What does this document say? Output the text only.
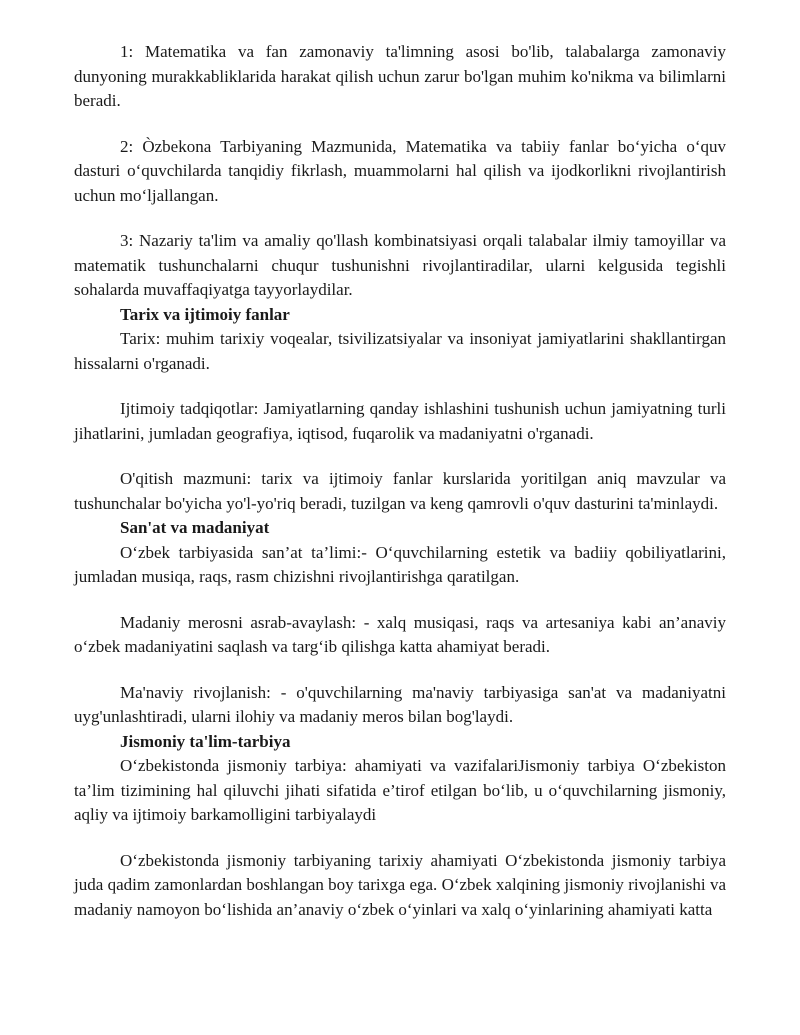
1: Matematika va fan zamonaviy ta'limning asosi bo'lib, talabalarga zamonaviy dunyoning murakkabliklarida harakat qilish uchun zarur bo'lgan muhim ko'nikma va bilimlarni beradi.

2: Òzbekona Tarbiyaning Mazmunida, Matematika va tabiiy fanlar bo‘yicha o‘quv dasturi o‘quvchilarda tanqidiy fikrlash, muammolarni hal qilish va ijodkorlikni rivojlantirish uchun mo‘ljallangan.

3: Nazariy ta'lim va amaliy qo'llash kombinatsiyasi orqali talabalar ilmiy tamoyillar va matematik tushunchalarni chuqur tushunishni rivojlantiradilar, ularni kelgusida tegishli sohalarda muvaffaqiyatga tayyorlaydilar.

Tarix va ijtimoiy fanlar

Tarix: muhim tarixiy voqealar, tsivilizatsiyalar va insoniyat jamiyatlarini shakllantirgan hissalarni o'rganadi.

Ijtimoiy tadqiqotlar: Jamiyatlarning qanday ishlashini tushunish uchun jamiyatning turli jihatlarini, jumladan geografiya, iqtisod, fuqarolik va madaniyatni o'rganadi.

O'qitish mazmuni: tarix va ijtimoiy fanlar kurslarida yoritilgan aniq mavzular va tushunchalar bo'yicha yo'l-yo'riq beradi, tuzilgan va keng qamrovli o'quv dasturini ta'minlaydi.

San'at va madaniyat

O‘zbek tarbiyasida san’at ta’limi:- O‘quvchilarning estetik va badiiy qobiliyatlarini, jumladan musiqa, raqs, rasm chizishni rivojlantirishga qaratilgan.

Madaniy merosni asrab-avaylash: - xalq musiqasi, raqs va artesaniya kabi an’anaviy o‘zbek madaniyatini saqlash va targ‘ib qilishga katta ahamiyat beradi.

Ma'naviy rivojlanish: - o'quvchilarning ma'naviy tarbiyasiga san'at va madaniyatni uyg'unlashtiradi, ularni ilohiy va madaniy meros bilan bog'laydi.

Jismoniy ta'lim-tarbiya

O‘zbekistonda jismoniy tarbiya: ahamiyati va vazifalariJismoniy tarbiya O‘zbekiston ta’lim tizimining hal qiluvchi jihati sifatida e’tirof etilgan bo‘lib, u o‘quvchilarning jismoniy, aqliy va ijtimoiy barkamolligini tarbiyalaydi

O‘zbekistonda jismoniy tarbiyaning tarixiy ahamiyati O‘zbekistonda jismoniy tarbiya juda qadim zamonlardan boshlangan boy tarixga ega. O‘zbek xalqining jismoniy rivojlanishi va madaniy namoyon bo‘lishida an’anaviy o‘zbek o‘yinlari va xalq o‘yinlarining ahamiyati katta
